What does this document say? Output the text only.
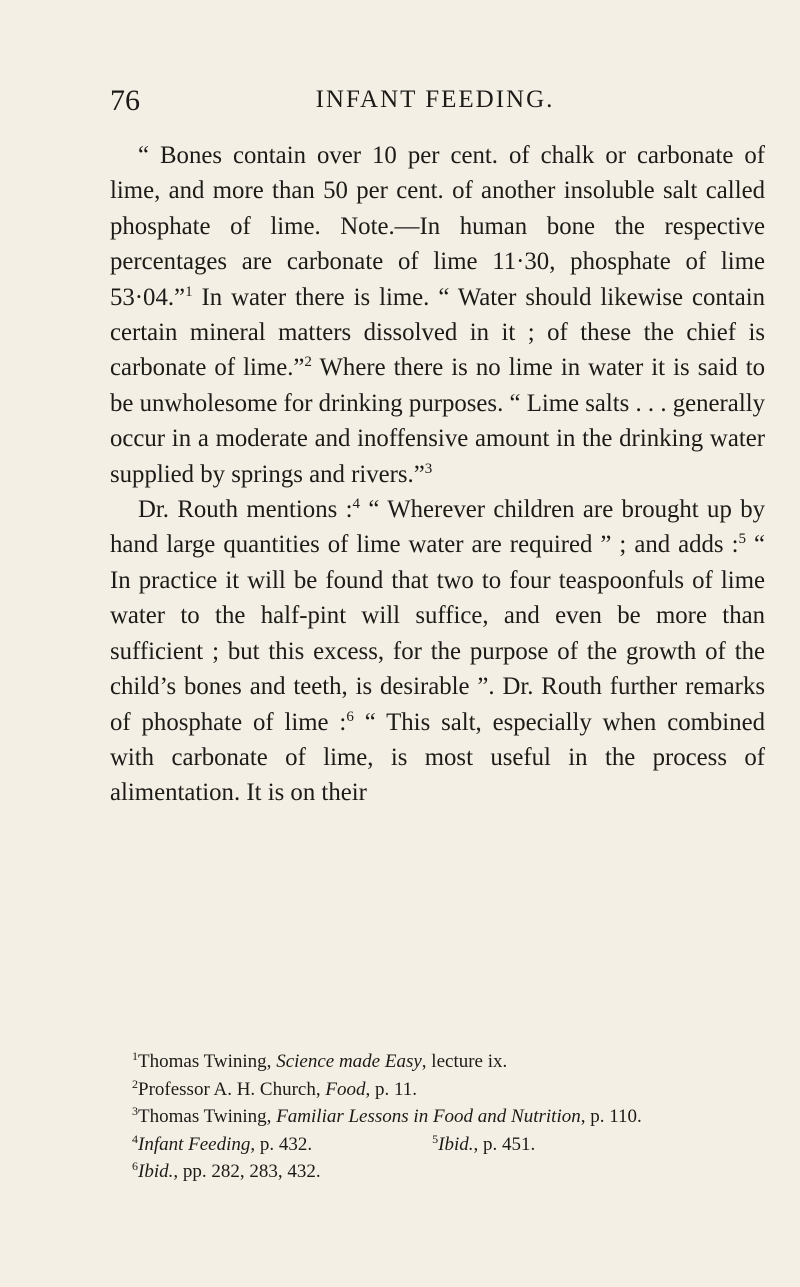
76	INFANT FEEDING.

“ Bones contain over 10 per cent. of chalk or carbonate of lime, and more than 50 per cent. of another insoluble salt called phosphate of lime. Note.—In human bone the respective percentages are carbonate of lime 11·30, phosphate of lime 53·04.”$^1$ In water there is lime. “ Water should likewise contain certain mineral matters dissolved in it ; of these the chief is carbonate of lime.”$^2$ Where there is no lime in water it is said to be unwholesome for drinking purposes. “ Lime salts . . . generally occur in a moderate and inoffensive amount in the drinking water supplied by springs and rivers.”$^3$

Dr. Routh mentions :$^4$ “ Wherever children are brought up by hand large quantities of lime water are required ” ; and adds :$^5$ “ In practice it will be found that two to four teaspoonfuls of lime water to the half-pint will suffice, and even be more than sufficient ; but this excess, for the purpose of the growth of the child’s bones and teeth, is desirable ”. Dr. Routh further remarks of phosphate of lime :$^6$ “ This salt, especially when combined with carbonate of lime, is most useful in the process of alimentation. It is on their

$^1$Thomas Twining, Science made Easy, lecture ix.

$^2$Professor A. H. Church, Food, p. 11.

$^3$Thomas Twining, Familiar Lessons in Food and Nutrition, p. 110.

$^4$Infant Feeding, p. 432.	$^5$Ibid., p. 451.

$^6$Ibid., pp. 282, 283, 432.
